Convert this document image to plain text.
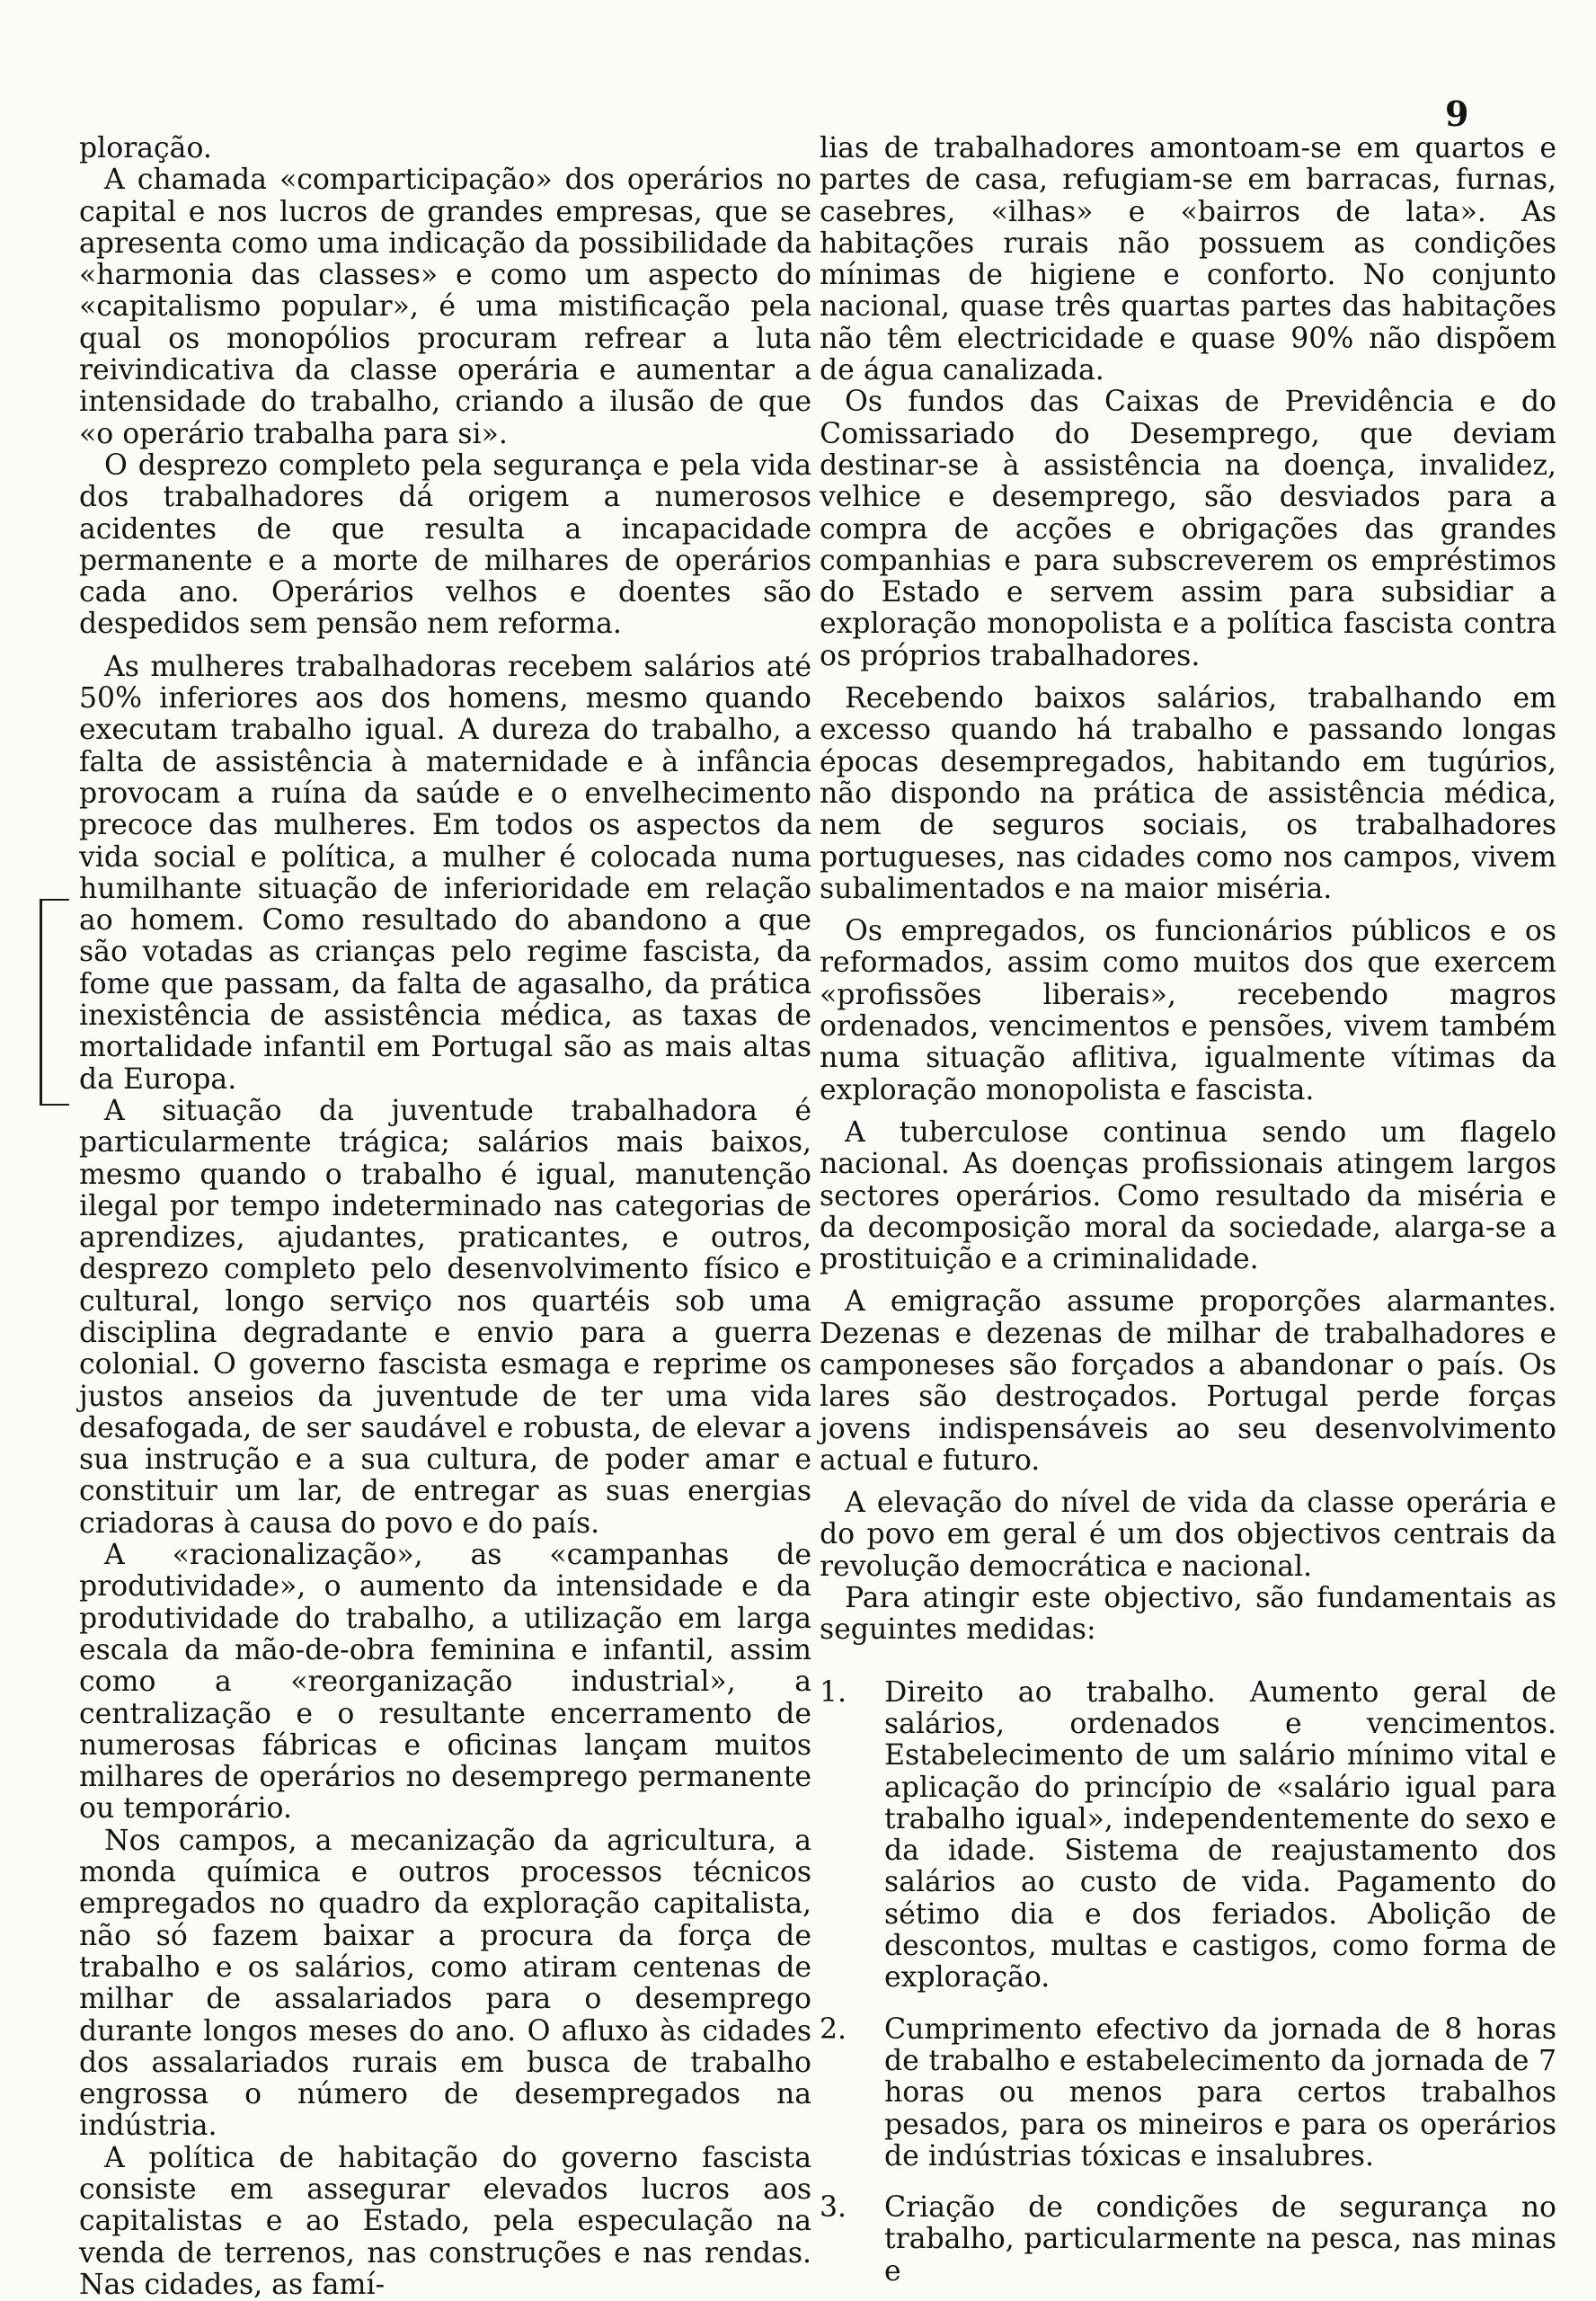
9

ploração.

A chamada «comparticipação» dos operários no capital e nos lucros de grandes empresas, que se apresenta como uma indicação da possibilidade da «harmonia das classes» e como um aspecto do «capitalismo popular», é uma mistificação pela qual os monopólios procuram refrear a luta reivindicativa da classe operária e aumentar a intensidade do trabalho, criando a ilusão de que «o operário trabalha para si».

O desprezo completo pela segurança e pela vida dos trabalhadores dá origem a numerosos acidentes de que resulta a incapacidade permanente e a morte de milhares de operários cada ano. Operários velhos e doentes são despedidos sem pensão nem reforma.

As mulheres trabalhadoras recebem salários até 50% inferiores aos dos homens, mesmo quando executam trabalho igual. A dureza do trabalho, a falta de assistência à maternidade e à infância provocam a ruína da saúde e o envelhecimento precoce das mulheres. Em todos os aspectos da vida social e política, a mulher é colocada numa humilhante situação de inferioridade em relação ao homem. Como resultado do abandono a que são votadas as crianças pelo regime fascista, da fome que passam, da falta de agasalho, da prática inexistência de assistência médica, as taxas de mortalidade infantil em Portugal são as mais altas da Europa.

A situação da juventude trabalhadora é particularmente trágica; salários mais baixos, mesmo quando o trabalho é igual, manutenção ilegal por tempo indeterminado nas categorias de aprendizes, ajudantes, praticantes, e outros, desprezo completo pelo desenvolvimento físico e cultural, longo serviço nos quartéis sob uma disciplina degradante e envio para a guerra colonial. O governo fascista esmaga e reprime os justos anseios da juventude de ter uma vida desafogada, de ser saudável e robusta, de elevar a sua instrução e a sua cultura, de poder amar e constituir um lar, de entregar as suas energias criadoras à causa do povo e do país.

A «racionalização», as «campanhas de produtividade», o aumento da intensidade e da produtividade do trabalho, a utilização em larga escala da mão-de-obra feminina e infantil, assim como a «reorganização industrial», a centralização e o resultante encerramento de numerosas fábricas e oficinas lançam muitos milhares de operários no desemprego permanente ou temporário.

Nos campos, a mecanização da agricultura, a monda química e outros processos técnicos empregados no quadro da exploração capitalista, não só fazem baixar a procura da força de trabalho e os salários, como atiram centenas de milhar de assalariados para o desemprego durante longos meses do ano. O afluxo às cidades dos assalariados rurais em busca de trabalho engrossa o número de desempregados na indústria.

A política de habitação do governo fascista consiste em assegurar elevados lucros aos capitalistas e ao Estado, pela especulação na venda de terrenos, nas construções e nas rendas. Nas cidades, as famí-

lias de trabalhadores amontoam-se em quartos e partes de casa, refugiam-se em barracas, furnas, casebres, «ilhas» e «bairros de lata». As habitações rurais não possuem as condições mínimas de higiene e conforto. No conjunto nacional, quase três quartas partes das habitações não têm electricidade e quase 90% não dispõem de água canalizada.

Os fundos das Caixas de Previdência e do Comissariado do Desemprego, que deviam destinar-se à assistência na doença, invalidez, velhice e desemprego, são desviados para a compra de acções e obrigações das grandes companhias e para subscreverem os empréstimos do Estado e servem assim para subsidiar a exploração monopolista e a política fascista contra os próprios trabalhadores.

Recebendo baixos salários, trabalhando em excesso quando há trabalho e passando longas épocas desempregados, habitando em tugúrios, não dispondo na prática de assistência médica, nem de seguros sociais, os trabalhadores portugueses, nas cidades como nos campos, vivem subalimentados e na maior miséria.

Os empregados, os funcionários públicos e os reformados, assim como muitos dos que exercem «profissões liberais», recebendo magros ordenados, vencimentos e pensões, vivem também numa situação aflitiva, igualmente vítimas da exploração monopolista e fascista.

A tuberculose continua sendo um flagelo nacional. As doenças profissionais atingem largos sectores operários. Como resultado da miséria e da decomposição moral da sociedade, alarga-se a prostituição e a criminalidade.

A emigração assume proporções alarmantes. Dezenas e dezenas de milhar de trabalhadores e camponeses são forçados a abandonar o país. Os lares são destroçados. Portugal perde forças jovens indispensáveis ao seu desenvolvimento actual e futuro.

A elevação do nível de vida da classe operária e do povo em geral é um dos objectivos centrais da revolução democrática e nacional.

Para atingir este objectivo, são fundamentais as seguintes medidas:

1. Direito ao trabalho. Aumento geral de salários, ordenados e vencimentos. Estabelecimento de um salário mínimo vital e aplicação do princípio de «salário igual para trabalho igual», independentemente do sexo e da idade. Sistema de reajustamento dos salários ao custo de vida. Pagamento do sétimo dia e dos feriados. Abolição de descontos, multas e castigos, como forma de exploração.
2. Cumprimento efectivo da jornada de 8 horas de trabalho e estabelecimento da jornada de 7 horas ou menos para certos trabalhos pesados, para os mineiros e para os operários de indústrias tóxicas e insalubres.
3. Criação de condições de segurança no trabalho, particularmente na pesca, nas minas e
